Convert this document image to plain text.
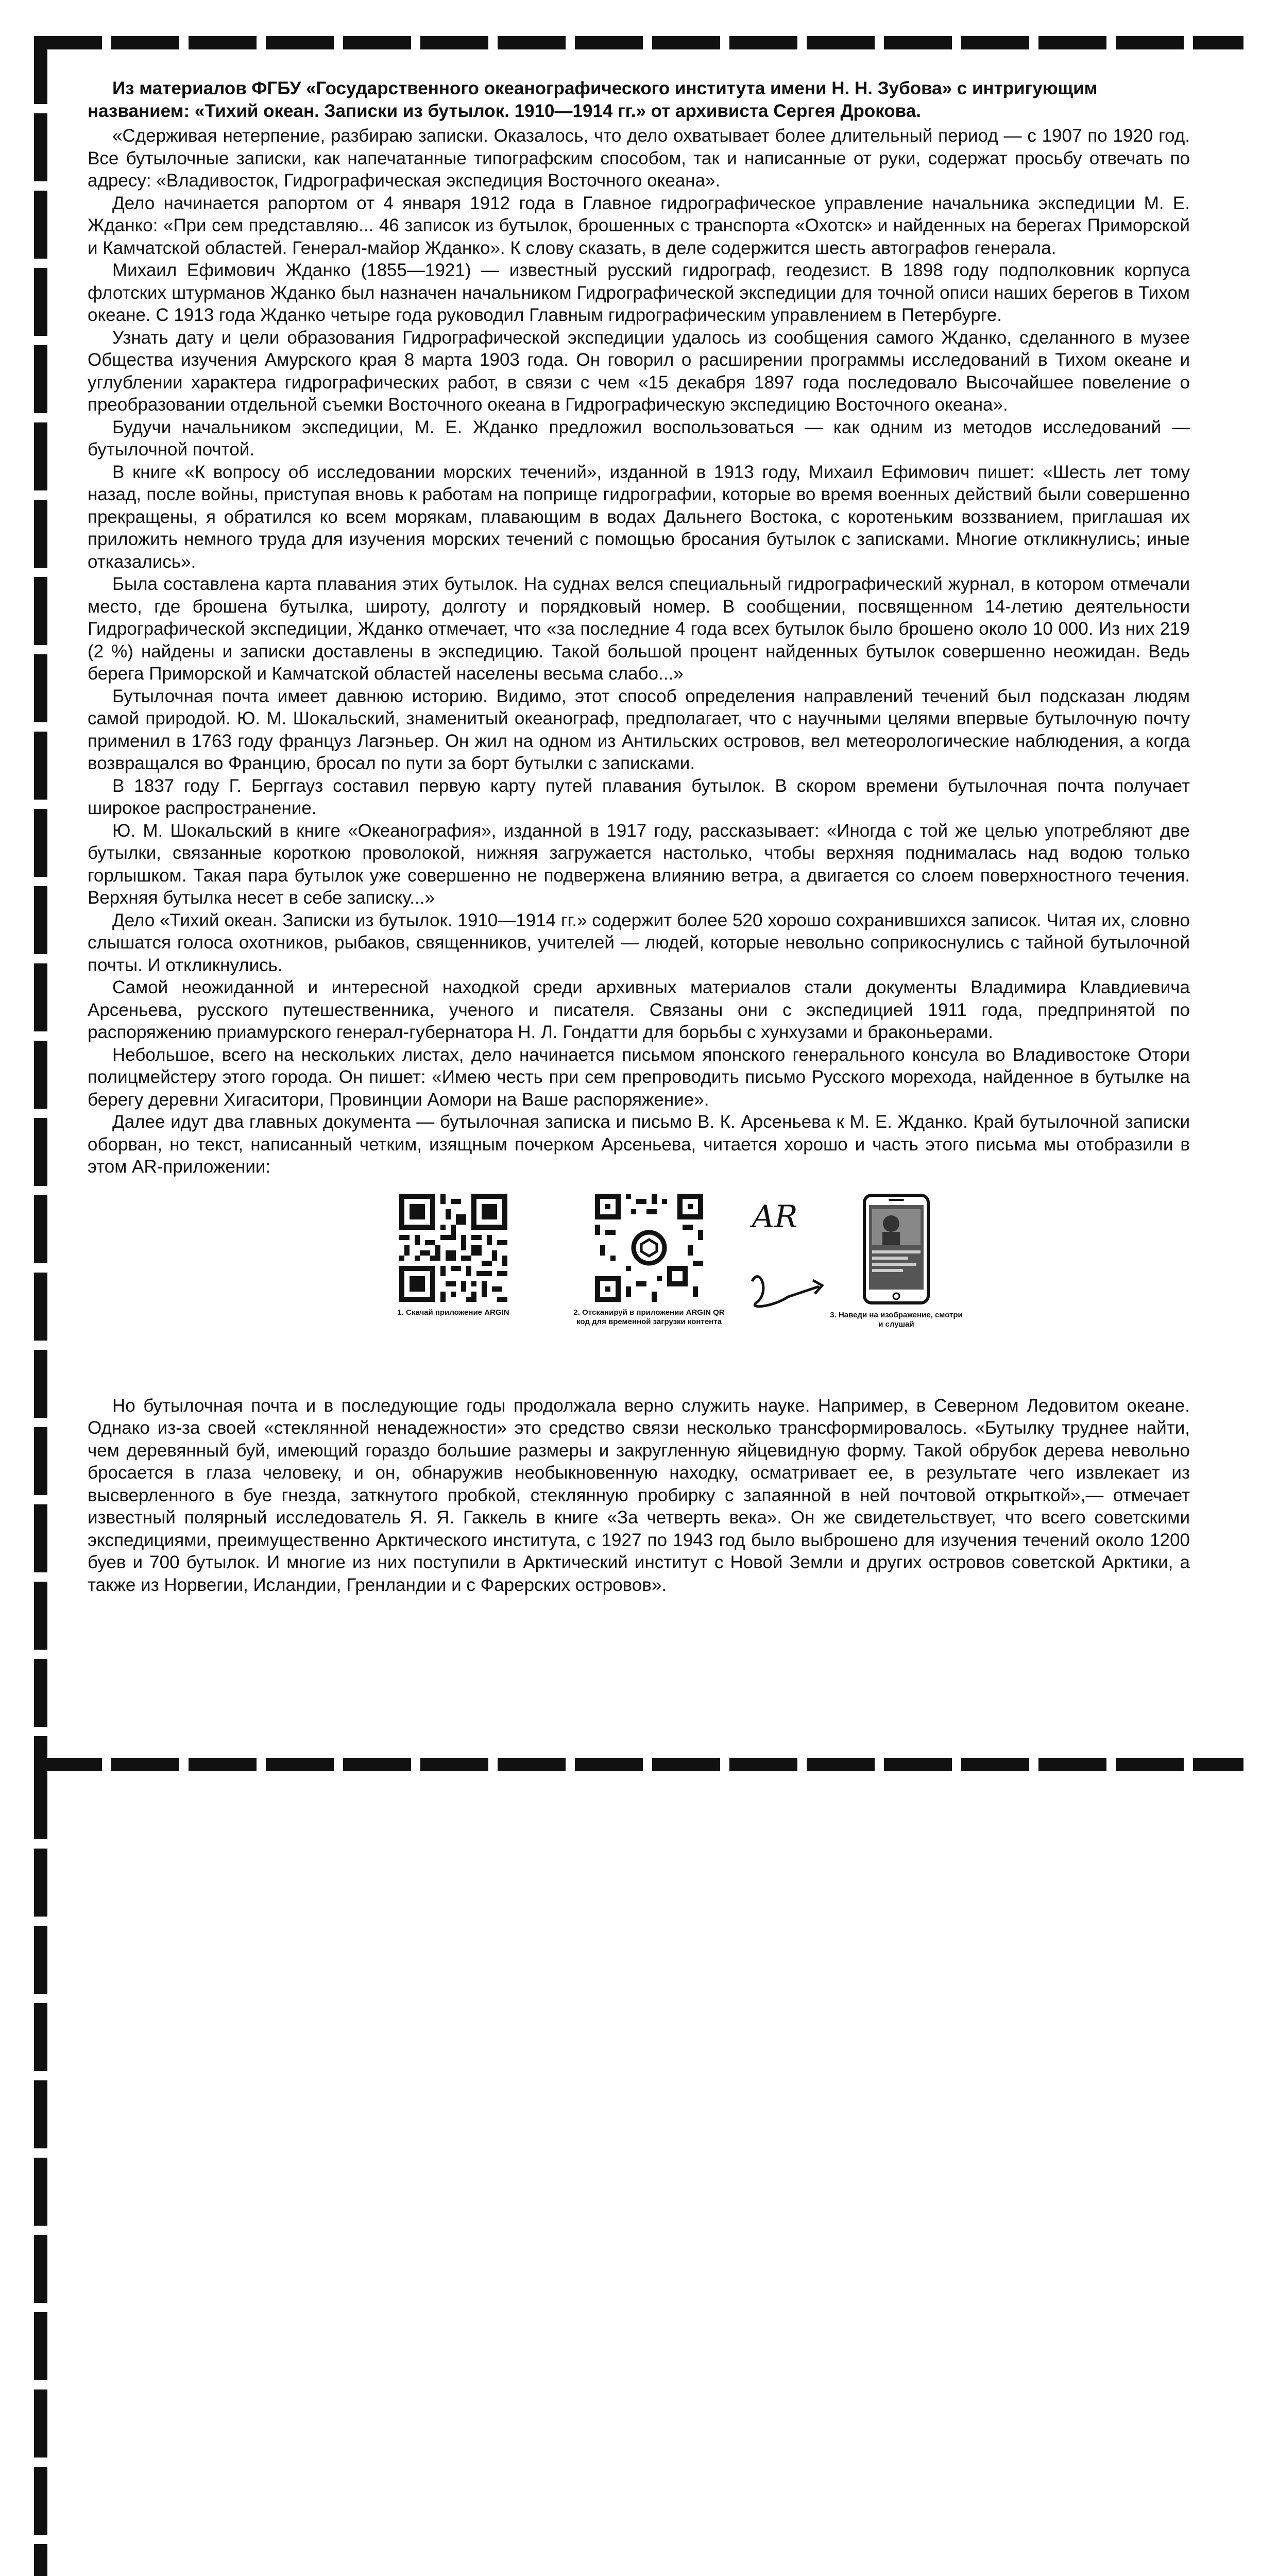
Из материалов ФГБУ «Государственного океанографического института имени Н. Н. Зубова» с интригующим названием: «Тихий океан. Записки из бутылок. 1910—1914 гг.» от архивиста Сергея Дрокова.

«Сдерживая нетерпение, разбираю записки. Оказалось, что дело охватывает более длительный период — с 1907 по 1920 год. Все бутылочные записки, как напечатанные типографским способом, так и написанные от руки, содержат просьбу отвечать по адресу: «Владивосток, Гидрографическая экспедиция Восточного океана».

Дело начинается рапортом от 4 января 1912 года в Главное гидрографическое управление начальника экспедиции М. Е. Жданко: «При сем представляю... 46 записок из бутылок, брошенных с транспорта «Охотск» и найденных на берегах Приморской и Камчатской областей. Генерал-майор Жданко». К слову сказать, в деле содержится шесть автографов генерала.

Михаил Ефимович Жданко (1855—1921) — известный русский гидрограф, геодезист. В 1898 году подполковник корпуса флотских штурманов Жданко был назначен начальником Гидрографической экспедиции для точной описи наших берегов в Тихом океане. С 1913 года Жданко четыре года руководил Главным гидрографическим управлением в Петербурге.

Узнать дату и цели образования Гидрографической экспедиции удалось из сообщения самого Жданко, сделанного в музее Общества изучения Амурского края 8 марта 1903 года. Он говорил о расширении программы исследований в Тихом океане и углублении характера гидрографических работ, в связи с чем «15 декабря 1897 года последовало Высочайшее повеление о преобразовании отдельной съемки Восточного океана в Гидрографическую экспедицию Восточного океана».

Будучи начальником экспедиции, М. Е. Жданко предложил воспользоваться — как одним из методов исследований — бутылочной почтой.

В книге «К вопросу об исследовании морских течений», изданной в 1913 году, Михаил Ефимович пишет: «Шесть лет тому назад, после войны, приступая вновь к работам на поприще гидрографии, которые во время военных действий были совершенно прекращены, я обратился ко всем морякам, плавающим в водах Дальнего Востока, с коротеньким воззванием, приглашая их приложить немного труда для изучения морских течений с помощью бросания бутылок с записками. Многие откликнулись; иные отказались».

Была составлена карта плавания этих бутылок. На суднах велся специальный гидрографический журнал, в котором отмечали место, где брошена бутылка, широту, долготу и порядковый номер. В сообщении, посвященном 14-летию деятельности Гидрографической экспедиции, Жданко отмечает, что «за последние 4 года всех бутылок было брошено около 10 000. Из них 219 (2 %) найдены и записки доставлены в экспедицию. Такой большой процент найденных бутылок совершенно неожидан. Ведь берега Приморской и Камчатской областей населены весьма слабо...»

Бутылочная почта имеет давнюю историю. Видимо, этот способ определения направлений течений был подсказан людям самой природой. Ю. М. Шокальский, знаменитый океанограф, предполагает, что с научными целями впервые бутылочную почту применил в 1763 году француз Лагэньер. Он жил на одном из Антильских островов, вел метеорологические наблюдения, а когда возвращался во Францию, бросал по пути за борт бутылки с записками.

В 1837 году Г. Берггауз составил первую карту путей плавания бутылок. В скором времени бутылочная почта получает широкое распространение.

Ю. М. Шокальский в книге «Океанография», изданной в 1917 году, рассказывает: «Иногда с той же целью употребляют две бутылки, связанные короткою проволокой, нижняя загружается настолько, чтобы верхняя поднималась над водою только горлышком. Такая пара бутылок уже совершенно не подвержена влиянию ветра, а двигается со слоем поверхностного течения. Верхняя бутылка несет в себе записку...»

Дело «Тихий океан. Записки из бутылок. 1910—1914 гг.» содержит более 520 хорошо сохранившихся записок. Читая их, словно слышатся голоса охотников, рыбаков, священников, учителей — людей, которые невольно соприкоснулись с тайной бутылочной почты. И откликнулись.

Самой неожиданной и интересной находкой среди архивных материалов стали документы Владимира Клавдиевича Арсеньева, русского путешественника, ученого и писателя. Связаны они с экспедицией 1911 года, предпринятой по распоряжению приамурского генерал-губернатора Н. Л. Гондатти для борьбы с хунхузами и браконьерами.

Небольшое, всего на нескольких листах, дело начинается письмом японского генерального консула во Владивостоке Отори полицмейстеру этого города. Он пишет: «Имею честь при сем препроводить письмо Русского морехода, найденное в бутылке на берегу деревни Хигаситори, Провинции Аомори на Ваше распоряжение».

Далее идут два главных документа — бутылочная записка и письмо В. К. Арсеньева к М. Е. Жданко. Край бутылочной записки оборван, но текст, написанный четким, изящным почерком Арсеньева, читается хорошо и часть этого письма мы отобразили в этом AR-приложении:

1. Скачай приложение ARGIN	2. Отсканируй в приложении ARGIN QR код для временной загрузки контента
AR
3. Наведи на изображение, смотри и слушай

Но бутылочная почта и в последующие годы продолжала верно служить науке. Например, в Северном Ледовитом океане. Однако из-за своей «стеклянной ненадежности» это средство связи несколько трансформировалось. «Бутылку труднее найти, чем деревянный буй, имеющий гораздо большие размеры и закругленную яйцевидную форму. Такой обрубок дерева невольно бросается в глаза человеку, и он, обнаружив необыкновенную находку, осматривает ее, в результате чего извлекает из высверленного в буе гнезда, заткнутого пробкой, стеклянную пробирку с запаянной в ней почтовой открыткой»,— отмечает известный полярный исследователь Я. Я. Гаккель в книге «За четверть века». Он же свидетельствует, что всего советскими экспедициями, преимущественно Арктического института, с 1927 по 1943 год было выброшено для изучения течений около 1200 буев и 700 бутылок. И многие из них поступили в Арктический институт с Новой Земли и других островов советской Арктики, а также из Норвегии, Исландии, Гренландии и с Фарерских островов».
